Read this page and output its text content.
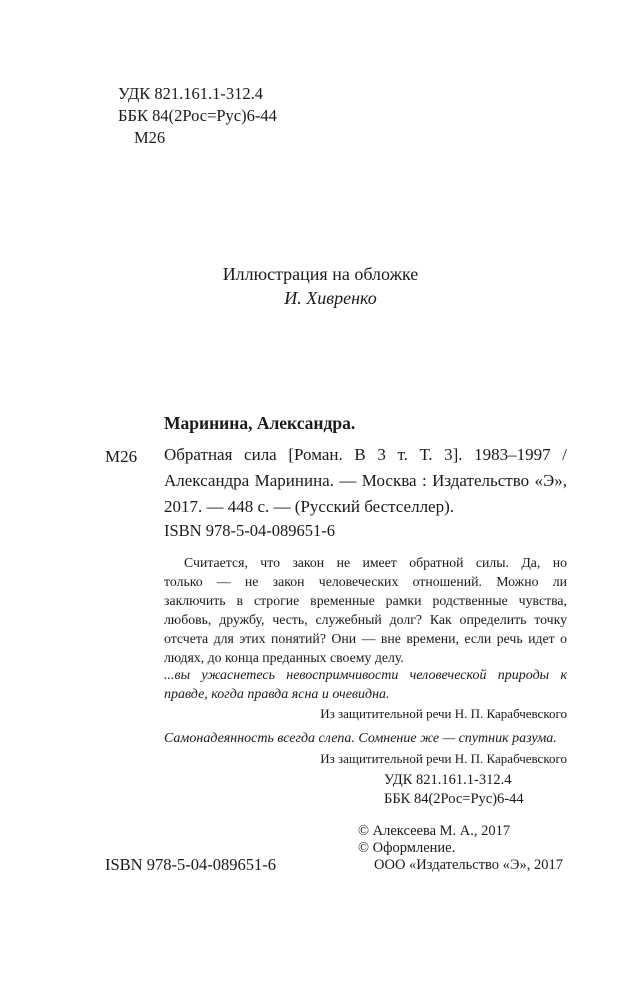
УДК 821.161.1-312.4
ББК 84(2Рос=Рус)6-44
М26
Иллюстрация на обложке
И. Хивренко
Маринина, Александра.
М26 Обратная сила [Роман. В 3 т. Т. 3]. 1983–1997 /

Александра Маринина. — Москва : Издательство «Э»,

2017. — 448 с. — (Русский бестселлер).

ISBN 978-5-04-089651-6

Считается, что закон не имеет обратной силы. Да, но

только — не закон человеческих отношений. Можно ли

заключить в строгие временные рамки родственные чувства,

любовь, дружбу, честь, служебный долг? Как определить точку

отсчета для этих понятий? Они — вне времени, если речь идет о

людях, до конца преданных своему делу.

...вы ужаснетесь невоспримчивости человеческой природы к

правде, когда правда ясна и очевидна.

Из защитительной речи Н. П. Карабчевского
Самонадеянность всегда слепа. Сомнение же — спутник разума.
Из защитительной речи Н. П. Карабчевского
УДК 821.161.1-312.4
ББК 84(2Рос=Рус)6-44
© Алексеева М. А., 2017
© Оформление.
ООО «Издательство «Э», 2017
ISBN 978-5-04-089651-6
